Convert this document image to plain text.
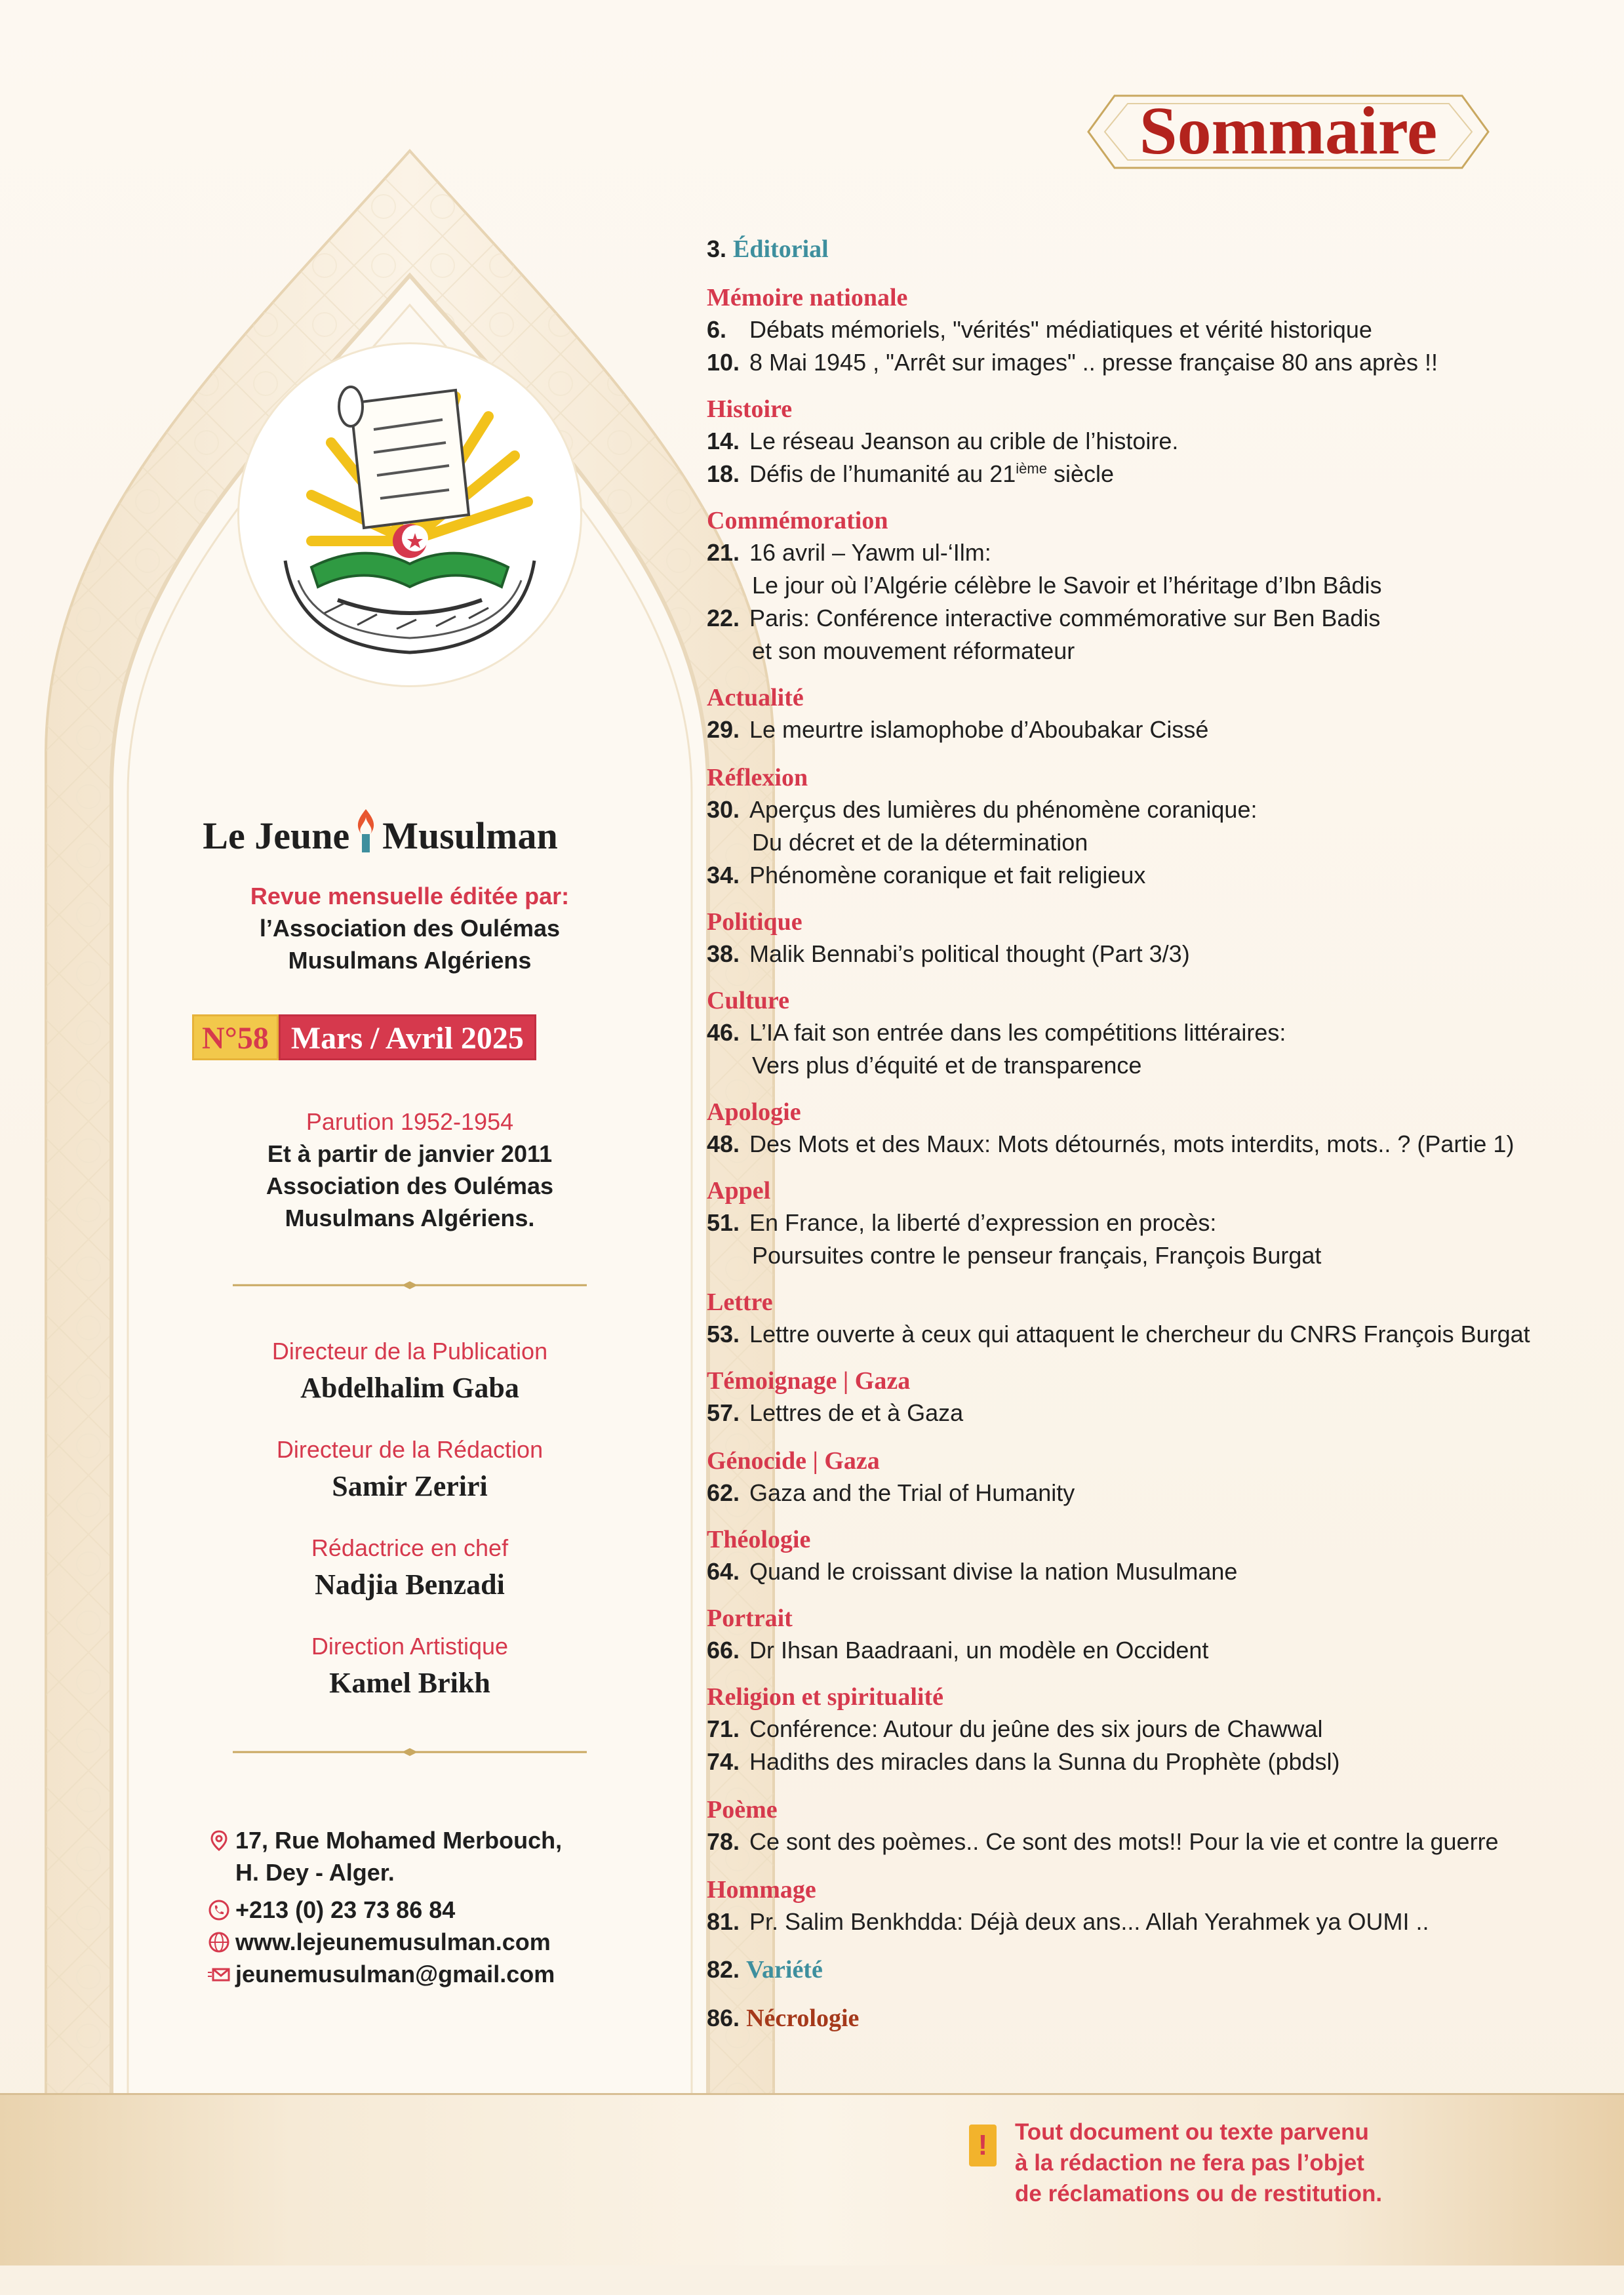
Le Jeune Musulman
Revue mensuelle éditée par:
l’Association des Oulémas
Musulmans Algériens
N°58 Mars / Avril 2025
Parution 1952-1954
Et à partir de janvier 2011
Association des Oulémas
Musulmans Algériens.
Directeur de la Publication
Abdelhalim Gaba
Directeur de la Rédaction
Samir Zeriri
Rédactrice en chef
Nadjia Benzadi
Direction Artistique
Kamel Brikh
17, Rue Mohamed Merbouch,
H. Dey - Alger.
+213 (0) 23 73 86 84
www.lejeunemusulman.com
jeunemusulman@gmail.com
Sommaire
3. Éditorial
Mémoire nationale
6. Débats mémoriels, "vérités" médiatiques et vérité historique
10. 8 Mai 1945 , "Arrêt sur images" .. presse française 80 ans après !!
Histoire
14. Le réseau Jeanson au crible de l’histoire.
18. Défis de l’humanité au 21ième siècle
Commémoration
21. 16 avril – Yawm ul-‘Ilm:
Le jour où l’Algérie célèbre le Savoir et l’héritage d’Ibn Bâdis
22. Paris: Conférence interactive commémorative sur Ben Badis
et son mouvement réformateur
Actualité
29. Le meurtre islamophobe d’Aboubakar Cissé
Réflexion
30. Aperçus des lumières du phénomène coranique:
Du décret et de la détermination
34. Phénomène coranique et fait religieux
Politique
38. Malik Bennabi’s political thought (Part 3/3)
Culture
46. L’IA fait son entrée dans les compétitions littéraires:
Vers plus d’équité et de transparence
Apologie
48. Des Mots et des Maux: Mots détournés, mots interdits, mots.. ? (Partie 1)
Appel
51. En France, la liberté d’expression en procès:
Poursuites contre le penseur français, François Burgat
Lettre
53. Lettre ouverte à ceux qui attaquent le chercheur du CNRS François Burgat
Témoignage | Gaza
57. Lettres de et à Gaza
Génocide | Gaza
62. Gaza and the Trial of Humanity
Théologie
64. Quand le croissant divise la nation Musulmane
Portrait
66. Dr Ihsan Baadraani, un modèle en Occident
Religion et spiritualité
71. Conférence: Autour du jeûne des six jours de Chawwal
74. Hadiths des miracles dans la Sunna du Prophète (pbdsl)
Poème
78. Ce sont des poèmes.. Ce sont des mots!! Pour la vie et contre la guerre
Hommage
81. Pr. Salim Benkhdda: Déjà deux ans... Allah Yerahmek ya OUMI ..
82. Variété
86. Nécrologie
!	Tout document ou texte parvenu
à la rédaction ne fera pas l’objet
de réclamations ou de restitution.
